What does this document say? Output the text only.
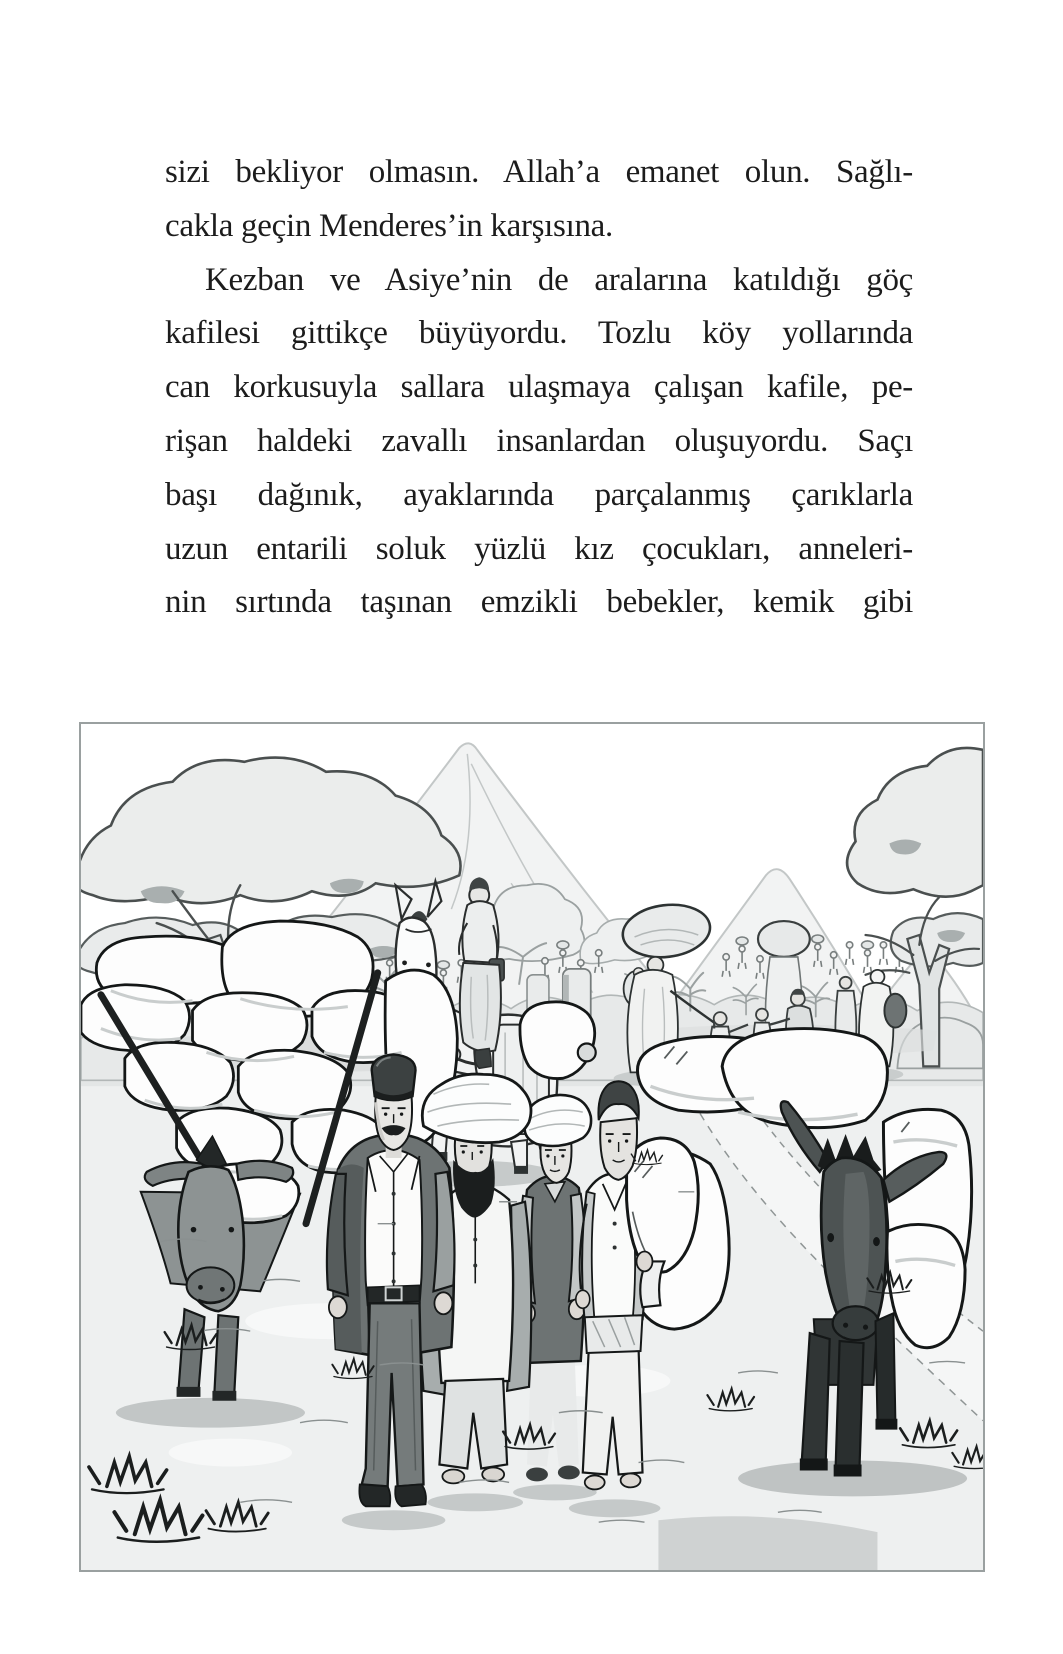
sizi bekliyor olmasın. Allah’a emanet olun. Sağlı-
cakla geçin Menderes’in karşısına.
Kezban ve Asiye’nin de aralarına katıldığı göç
kafilesi gittikçe büyüyordu. Tozlu köy yollarında
can korkusuyla sallara ulaşmaya çalışan kafile, pe-
rişan haldeki zavallı insanlardan oluşuyordu. Saçı
başı dağınık, ayaklarında parçalanmış çarıklarla
uzun entarili soluk yüzlü kız çocukları, anneleri-
nin sırtında taşınan emzikli bebekler, kemik gibi
